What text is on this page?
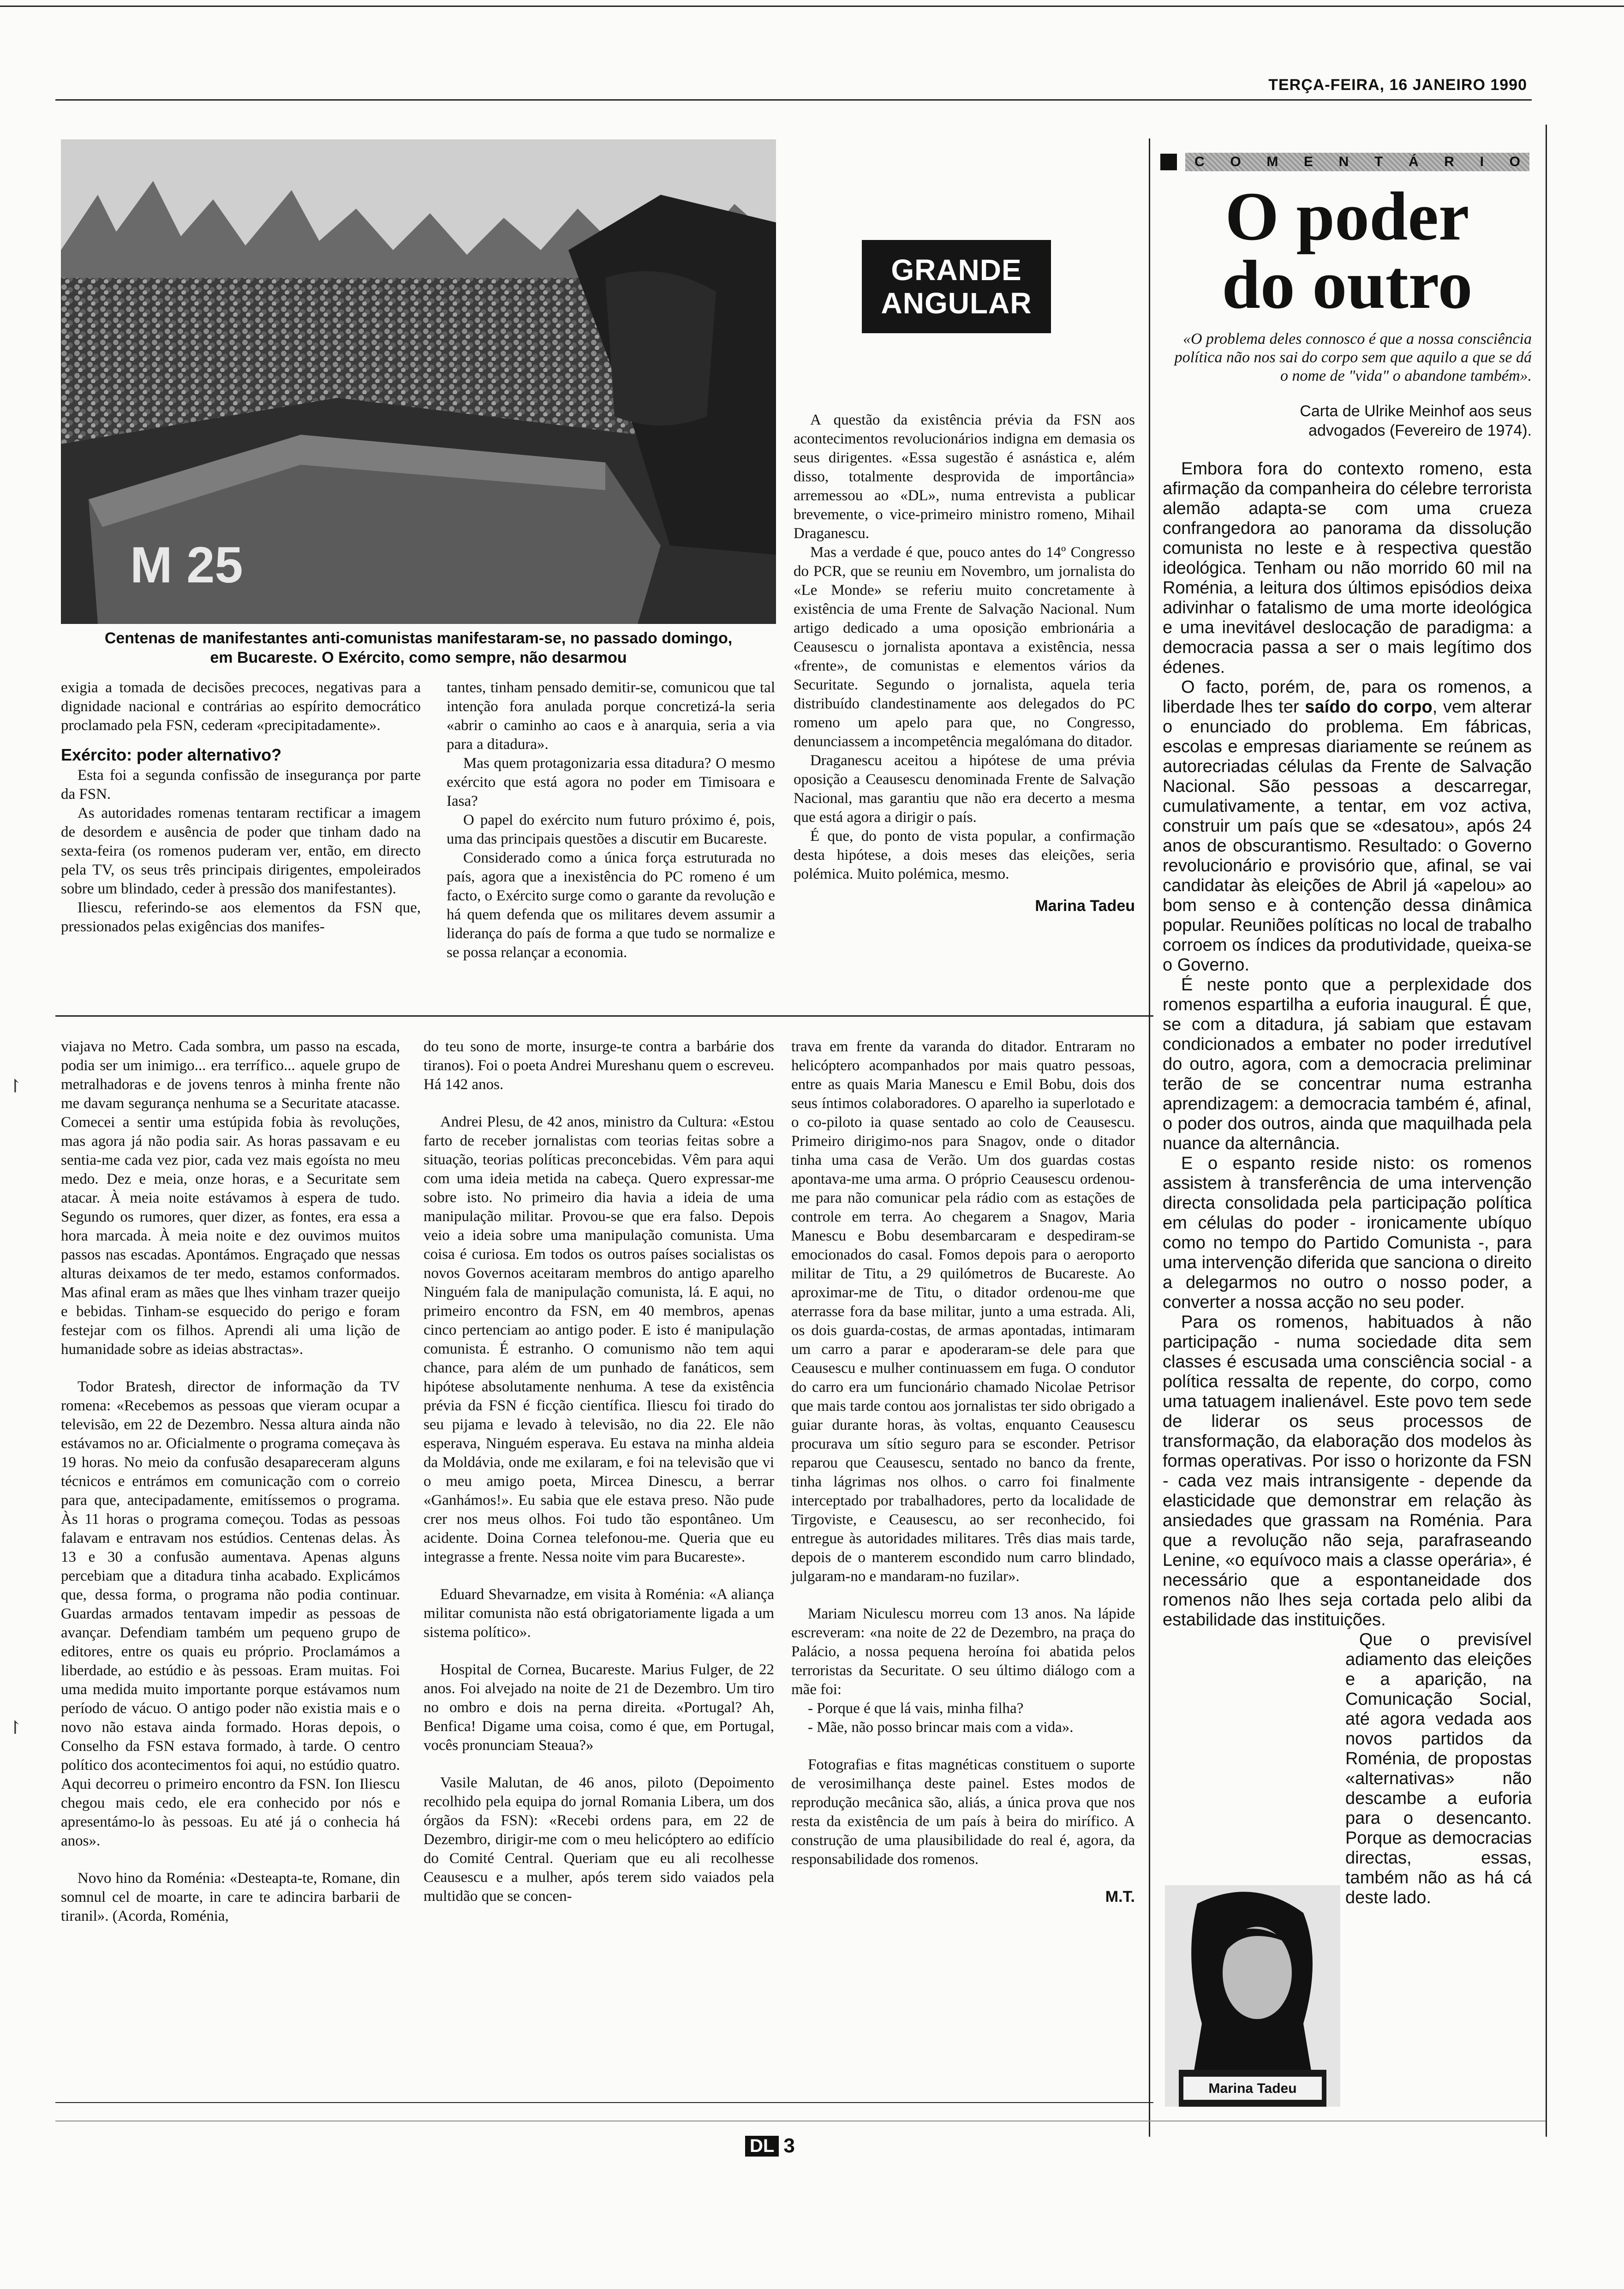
TERÇA-FEIRA, 16 JANEIRO 1990
M 25
Centenas de manifestantes anti-comunistas manifestaram-se, no passado domingo,
em Bucareste. O Exército, como sempre, não desarmou
GRANDE
ANGULAR

exigia a tomada de decisões precoces, negativas para a dignidade nacional e contrárias ao espírito democrático proclamado pela FSN, cederam «precipitadamente».

Exército: poder alternativo?

Esta foi a segunda confissão de insegurança por parte da FSN.

As autoridades romenas tentaram rectificar a imagem de desordem e ausência de poder que tinham dado na sexta-feira (os romenos puderam ver, então, em directo pela TV, os seus três principais dirigentes, empoleirados sobre um blindado, ceder à pressão dos manifestantes).

Iliescu, referindo-se aos elementos da FSN que, pressionados pelas exigências dos manifes-

tantes, tinham pensado demitir-se, comunicou que tal intenção fora anulada porque concretizá-la seria «abrir o caminho ao caos e à anarquia, seria a via para a ditadura».

Mas quem protagonizaria essa ditadura? O mesmo exército que está agora no poder em Timisoara e Iasa?

O papel do exército num futuro próximo é, pois, uma das principais questões a discutir em Bucareste.

Considerado como a única força estruturada no país, agora que a inexistência do PC romeno é um facto, o Exército surge como o garante da revolução e há quem defenda que os militares devem assumir a liderança do país de forma a que tudo se normalize e se possa relançar a economia.

A questão da existência prévia da FSN aos acontecimentos revolucionários indigna em demasia os seus dirigentes. «Essa sugestão é asnástica e, além disso, totalmente desprovida de importância» arremessou ao «DL», numa entrevista a publicar brevemente, o vice-primeiro ministro romeno, Mihail Draganescu.

Mas a verdade é que, pouco antes do 14º Congresso do PCR, que se reuniu em Novembro, um jornalista do «Le Monde» se referiu muito concretamente à existência de uma Frente de Salvação Nacional. Num artigo dedicado a uma oposição embrionária a Ceausescu o jornalista apontava a existência, nessa «frente», de comunistas e elementos vários da Securitate. Segundo o jornalista, aquela teria distribuído clandestinamente aos delegados do PC romeno um apelo para que, no Congresso, denunciassem a incompetência megalómana do ditador.

Draganescu aceitou a hipótese de uma prévia oposição a Ceausescu denominada Frente de Salvação Nacional, mas garantiu que não era decerto a mesma que está agora a dirigir o país.

É que, do ponto de vista popular, a confirmação desta hipótese, a dois meses das eleições, seria polémica. Muito polémica, mesmo.

Marina Tadeu

viajava no Metro. Cada sombra, um passo na escada, podia ser um inimigo... era terrífico... aquele grupo de metralhadoras e de jovens tenros à minha frente não me davam segurança nenhuma se a Securitate atacasse. Comecei a sentir uma estúpida fobia às revoluções, mas agora já não podia sair. As horas passavam e eu sentia-me cada vez pior, cada vez mais egoísta no meu medo. Dez e meia, onze horas, e a Securitate sem atacar. À meia noite estávamos à espera de tudo. Segundo os rumores, quer dizer, as fontes, era essa a hora marcada. À meia noite e dez ouvimos muitos passos nas escadas. Apontámos. Engraçado que nessas alturas deixamos de ter medo, estamos conformados. Mas afinal eram as mães que lhes vinham trazer queijo e bebidas. Tinham-se esquecido do perigo e foram festejar com os filhos. Aprendi ali uma lição de humanidade sobre as ideias abstractas».

Todor Bratesh, director de informação da TV romena: «Recebemos as pessoas que vieram ocupar a televisão, em 22 de Dezembro. Nessa altura ainda não estávamos no ar. Oficialmente o programa começava às 19 horas. No meio da confusão desapareceram alguns técnicos e entrámos em comunicação com o correio para que, antecipadamente, emitíssemos o programa. Às 11 horas o programa começou. Todas as pessoas falavam e entravam nos estúdios. Centenas delas. Às 13 e 30 a confusão aumentava. Apenas alguns percebiam que a ditadura tinha acabado. Explicámos que, dessa forma, o programa não podia continuar. Guardas armados tentavam impedir as pessoas de avançar. Defendiam também um pequeno grupo de editores, entre os quais eu próprio. Proclamámos a liberdade, ao estúdio e às pessoas. Eram muitas. Foi uma medida muito importante porque estávamos num período de vácuo. O antigo poder não existia mais e o novo não estava ainda formado. Horas depois, o Conselho da FSN estava formado, à tarde. O centro político dos acontecimentos foi aqui, no estúdio quatro. Aqui decorreu o primeiro encontro da FSN. Ion Iliescu chegou mais cedo, ele era conhecido por nós e apresentámo-lo às pessoas. Eu até já o conhecia há anos».

Novo hino da Roménia: «Desteapta-te, Romane, din somnul cel de moarte, in care te adincira barbarii de tiranil». (Acorda, Roménia,

do teu sono de morte, insurge-te contra a barbárie dos tiranos). Foi o poeta Andrei Mureshanu quem o escreveu. Há 142 anos.

Andrei Plesu, de 42 anos, ministro da Cultura: «Estou farto de receber jornalistas com teorias feitas sobre a situação, teorias políticas preconcebidas. Vêm para aqui com uma ideia metida na cabeça. Quero expressar-me sobre isto. No primeiro dia havia a ideia de uma manipulação militar. Provou-se que era falso. Depois veio a ideia sobre uma manipulação comunista. Uma coisa é curiosa. Em todos os outros países socialistas os novos Governos aceitaram membros do antigo aparelho Ninguém fala de manipulação comunista, lá. E aqui, no primeiro encontro da FSN, em 40 membros, apenas cinco pertenciam ao antigo poder. E isto é manipulação comunista. É estranho. O comunismo não tem aqui chance, para além de um punhado de fanáticos, sem hipótese absolutamente nenhuma. A tese da existência prévia da FSN é ficção científica. Iliescu foi tirado do seu pijama e levado à televisão, no dia 22. Ele não esperava, Ninguém esperava. Eu estava na minha aldeia da Moldávia, onde me exilaram, e foi na televisão que vi o meu amigo poeta, Mircea Dinescu, a berrar «Ganhámos!». Eu sabia que ele estava preso. Não pude crer nos meus olhos. Foi tudo tão espontâneo. Um acidente. Doina Cornea telefonou-me. Queria que eu integrasse a frente. Nessa noite vim para Bucareste».

Eduard Shevarnadze, em visita à Roménia: «A aliança militar comunista não está obrigatoriamente ligada a um sistema político».

Hospital de Cornea, Bucareste. Marius Fulger, de 22 anos. Foi alvejado na noite de 21 de Dezembro. Um tiro no ombro e dois na perna direita. «Portugal? Ah, Benfica! Digame uma coisa, como é que, em Portugal, vocês pronunciam Steaua?»

Vasile Malutan, de 46 anos, piloto (Depoimento recolhido pela equipa do jornal Romania Libera, um dos órgãos da FSN): «Recebi ordens para, em 22 de Dezembro, dirigir-me com o meu helicóptero ao edifício do Comité Central. Queriam que eu ali recolhesse Ceausescu e a mulher, após terem sido vaiados pela multidão que se concen-

trava em frente da varanda do ditador. Entraram no helicóptero acompanhados por mais quatro pessoas, entre as quais Maria Manescu e Emil Bobu, dois dos seus íntimos colaboradores. O aparelho ia superlotado e o co-piloto ia quase sentado ao colo de Ceausescu. Primeiro dirigimo-nos para Snagov, onde o ditador tinha uma casa de Verão. Um dos guardas costas apontava-me uma arma. O próprio Ceausescu ordenou-me para não comunicar pela rádio com as estações de controle em terra. Ao chegarem a Snagov, Maria Manescu e Bobu desembarcaram e despediram-se emocionados do casal. Fomos depois para o aeroporto militar de Titu, a 29 quilómetros de Bucareste. Ao aproximar-me de Titu, o ditador ordenou-me que aterrasse fora da base militar, junto a uma estrada. Ali, os dois guarda-costas, de armas apontadas, intimaram um carro a parar e apoderaram-se dele para que Ceausescu e mulher continuassem em fuga. O condutor do carro era um funcionário chamado Nicolae Petrisor que mais tarde contou aos jornalistas ter sido obrigado a guiar durante horas, às voltas, enquanto Ceausescu procurava um sítio seguro para se esconder. Petrisor reparou que Ceausescu, sentado no banco da frente, tinha lágrimas nos olhos. o carro foi finalmente interceptado por trabalhadores, perto da localidade de Tirgoviste, e Ceausescu, ao ser reconhecido, foi entregue às autoridades militares. Três dias mais tarde, depois de o manterem escondido num carro blindado, julgaram-no e mandaram-no fuzilar».

Mariam Niculescu morreu com 13 anos. Na lápide escreveram: «na noite de 22 de Dezembro, na praça do Palácio, a nossa pequena heroína foi abatida pelos terroristas da Securitate. O seu último diálogo com a mãe foi:

- Porque é que lá vais, minha filha?

- Mãe, não posso brincar mais com a vida».

Fotografias e fitas magnéticas constituem o suporte de verosimilhança deste painel. Estes modos de reprodução mecânica são, aliás, a única prova que nos resta da existência de um país à beira do mirífico. A construção de uma plausibilidade do real é, agora, da responsabilidade dos romenos.

M.T.
C O M E N T Á R I O
O poder
do outro
«O problema deles connosco é que a nossa consciência política não nos sai do corpo sem que aquilo a que se dá o nome de "vida" o abandone também».
Carta de Ulrike Meinhof aos seus
advogados (Fevereiro de 1974).

Embora fora do contexto romeno, esta afirmação da companheira do célebre terrorista alemão adapta-se com uma crueza confrangedora ao panorama da dissolução comunista no leste e à respectiva questão ideológica. Tenham ou não morrido 60 mil na Roménia, a leitura dos últimos episódios deixa adivinhar o fatalismo de uma morte ideológica e uma inevitável deslocação de paradigma: a democracia passa a ser o mais legítimo dos édenes.

O facto, porém, de, para os romenos, a liberdade lhes ter saído do corpo, vem alterar o enunciado do problema. Em fábricas, escolas e empresas diariamente se reúnem as autorecriadas células da Frente de Salvação Nacional. São pessoas a descarregar, cumulativamente, a tentar, em voz activa, construir um país que se «desatou», após 24 anos de obscurantismo. Resultado: o Governo revolucionário e provisório que, afinal, se vai candidatar às eleições de Abril já «apelou» ao bom senso e à contenção dessa dinâmica popular. Reuniões políticas no local de trabalho corroem os índices da produtividade, queixa-se o Governo.

É neste ponto que a perplexidade dos romenos espartilha a euforia inaugural. É que, se com a ditadura, já sabiam que estavam condicionados a embater no poder irredutível do outro, agora, com a democracia preliminar terão de se concentrar numa estranha aprendizagem: a democracia também é, afinal, o poder dos outros, ainda que maquilhada pela nuance da alternância.

E o espanto reside nisto: os romenos assistem à transferência de uma intervenção directa consolidada pela participação política em células do poder - ironicamente ubíquo como no tempo do Partido Comunista -, para uma intervenção diferida que sanciona o direito a delegarmos no outro o nosso poder, a converter a nossa acção no seu poder.

Para os romenos, habituados à não participação - numa sociedade dita sem classes é escusada uma consciência social - a política ressalta de repente, do corpo, como uma tatuagem inalienável. Este povo tem sede de liderar os seus processos de transformação, da elaboração dos modelos às formas operativas. Por isso o horizonte da FSN - cada vez mais intransigente - depende da elasticidade que demonstrar em relação às ansiedades que grassam na Roménia. Para que a revolução não seja, parafraseando Lenine, «o equívoco mais a classe operária», é necessário que a espontaneidade dos romenos não lhes seja cortada pelo alibi da estabilidade das instituições.

Que o previsível adiamento das eleições e a aparição, na Comunicação Social, até agora vedada aos novos partidos da Roménia, de propostas «alternativas» não descambe a euforia para o desencanto. Porque as democracias directas, essas, também não as há cá deste lado.

Marina Tadeu
↾
↾
DL 3
